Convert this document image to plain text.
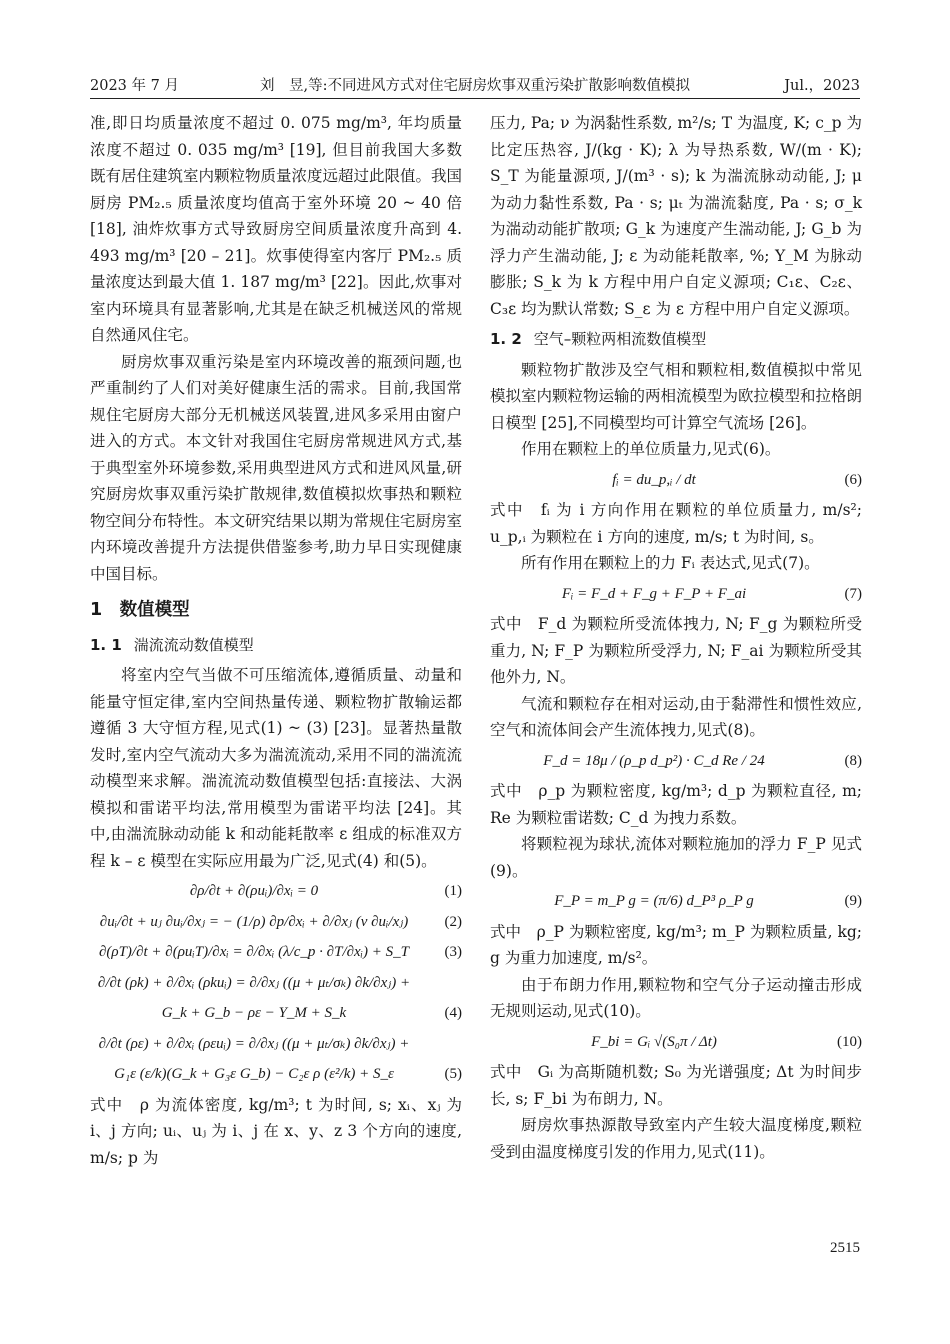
2023 年 7 月	刘　昱,等:不同进风方式对住宅厨房炊事双重污染扩散影响数值模拟	Jul.，2023

准,即日均质量浓度不超过 0. 075 mg/m³, 年均质量浓度不超过 0. 035 mg/m³ [19], 但目前我国大多数既有居住建筑室内颗粒物质量浓度远超过此限值。我国厨房 PM₂.₅ 质量浓度均值高于室外环境 20 ~ 40 倍 [18], 油炸炊事方式导致厨房空间质量浓度升高到 4. 493 mg/m³ [20 – 21]。炊事使得室内客厅 PM₂.₅ 质量浓度达到最大值 1. 187 mg/m³ [22]。因此,炊事对室内环境具有显著影响,尤其是在缺乏机械送风的常规自然通风住宅。

厨房炊事双重污染是室内环境改善的瓶颈问题,也严重制约了人们对美好健康生活的需求。目前,我国常规住宅厨房大部分无机械送风装置,进风多采用由窗户进入的方式。本文针对我国住宅厨房常规进风方式,基于典型室外环境参数,采用典型进风方式和进风风量,研究厨房炊事双重污染扩散规律,数值模拟炊事热和颗粒物空间分布特性。本文研究结果以期为常规住宅厨房室内环境改善提升方法提供借鉴参考,助力早日实现健康中国目标。

1　数值模型
1. 1 湍流流动数值模型

将室内空气当做不可压缩流体,遵循质量、动量和能量守恒定律,室内空间热量传递、颗粒物扩散输运都遵循 3 大守恒方程,见式(1) ~ (3) [23]。显著热量散发时,室内空气流动大多为湍流流动,采用不同的湍流流动模型来求解。湍流流动数值模型包括:直接法、大涡模拟和雷诺平均法,常用模型为雷诺平均法 [24]。其中,由湍流脉动动能 k 和动能耗散率 ε 组成的标准双方程 k – ε 模型在实际应用最为广泛,见式(4) 和(5)。

∂ρ/∂t + ∂(ρuᵢ)/∂xᵢ = 0	(1)
∂uᵢ/∂t + uⱼ ∂uᵢ/∂xⱼ = − (1/ρ) ∂p/∂xᵢ + ∂/∂xⱼ (v ∂uᵢ/xⱼ)	(2)
∂(ρT)/∂t + ∂(ρuᵢT)/∂xᵢ = ∂/∂xᵢ (λ/c_p · ∂T/∂xᵢ) + S_T	(3)
∂/∂t (ρk) + ∂/∂xᵢ (ρkuᵢ) = ∂/∂xⱼ ((μ + μₜ/σₖ) ∂k/∂xⱼ) +
G_k + G_b − ρε − Y_M + S_k	(4)
∂/∂t (ρε) + ∂/∂xᵢ (ρεuᵢ) = ∂/∂xⱼ ((μ + μₜ/σₖ) ∂k/∂xⱼ) +
G₁ε (ε/k)(G_k + G₃ε G_b) − C₂ε ρ (ε²/k) + S_ε	(5)

式中　ρ 为流体密度, kg/m³; t 为时间, s; xᵢ、xⱼ 为 i、j 方向; uᵢ、uⱼ 为 i、j 在 x、y、z 3 个方向的速度, m/s; p 为

压力, Pa; ν 为涡黏性系数, m²/s; T 为温度, K; c_p 为比定压热容, J/(kg · K); λ 为导热系数, W/(m · K); S_T 为能量源项, J/(m³ · s); k 为湍流脉动动能, J; μ 为动力黏性系数, Pa · s; μₜ 为湍流黏度, Pa · s; σ_k 为湍动动能扩散项; G_k 为速度产生湍动能, J; G_b 为浮力产生湍动能, J; ε 为动能耗散率, %; Y_M 为脉动膨胀; S_k 为 k 方程中用户自定义源项; C₁ε、C₂ε、C₃ε 均为默认常数; S_ε 为 ε 方程中用户自定义源项。

1. 2 空气–颗粒两相流数值模型

颗粒物扩散涉及空气相和颗粒相,数值模拟中常见模拟室内颗粒物运输的两相流模型为欧拉模型和拉格朗日模型 [25],不同模型均可计算空气流场 [26]。

作用在颗粒上的单位质量力,见式(6)。

fᵢ = du_p,ᵢ / dt	(6)

式中　fᵢ 为 i 方向作用在颗粒的单位质量力, m/s²; u_p,ᵢ 为颗粒在 i 方向的速度, m/s; t 为时间, s。

所有作用在颗粒上的力 Fᵢ 表达式,见式(7)。

Fᵢ = F_d + F_g + F_P + F_ai	(7)

式中　F_d 为颗粒所受流体拽力, N; F_g 为颗粒所受重力, N; F_P 为颗粒所受浮力, N; F_ai 为颗粒所受其他外力, N。

气流和颗粒存在相对运动,由于黏滞性和惯性效应,空气和流体间会产生流体拽力,见式(8)。

F_d = 18μ / (ρ_p d_p²) · C_d Re / 24	(8)

式中　ρ_p 为颗粒密度, kg/m³; d_p 为颗粒直径, m; Re 为颗粒雷诺数; C_d 为拽力系数。

将颗粒视为球状,流体对颗粒施加的浮力 F_P 见式(9)。

F_P = m_P g = (π/6) d_P³ ρ_P g	(9)

式中　ρ_P 为颗粒密度, kg/m³; m_P 为颗粒质量, kg; g 为重力加速度, m/s²。

由于布朗力作用,颗粒物和空气分子运动撞击形成无规则运动,见式(10)。

F_bi = Gᵢ √(S₀π / Δt)	(10)

式中　Gᵢ 为高斯随机数; S₀ 为光谱强度; Δt 为时间步长, s; F_bi 为布朗力, N。

厨房炊事热源散导致室内产生较大温度梯度,颗粒受到由温度梯度引发的作用力,见式(11)。

2515
